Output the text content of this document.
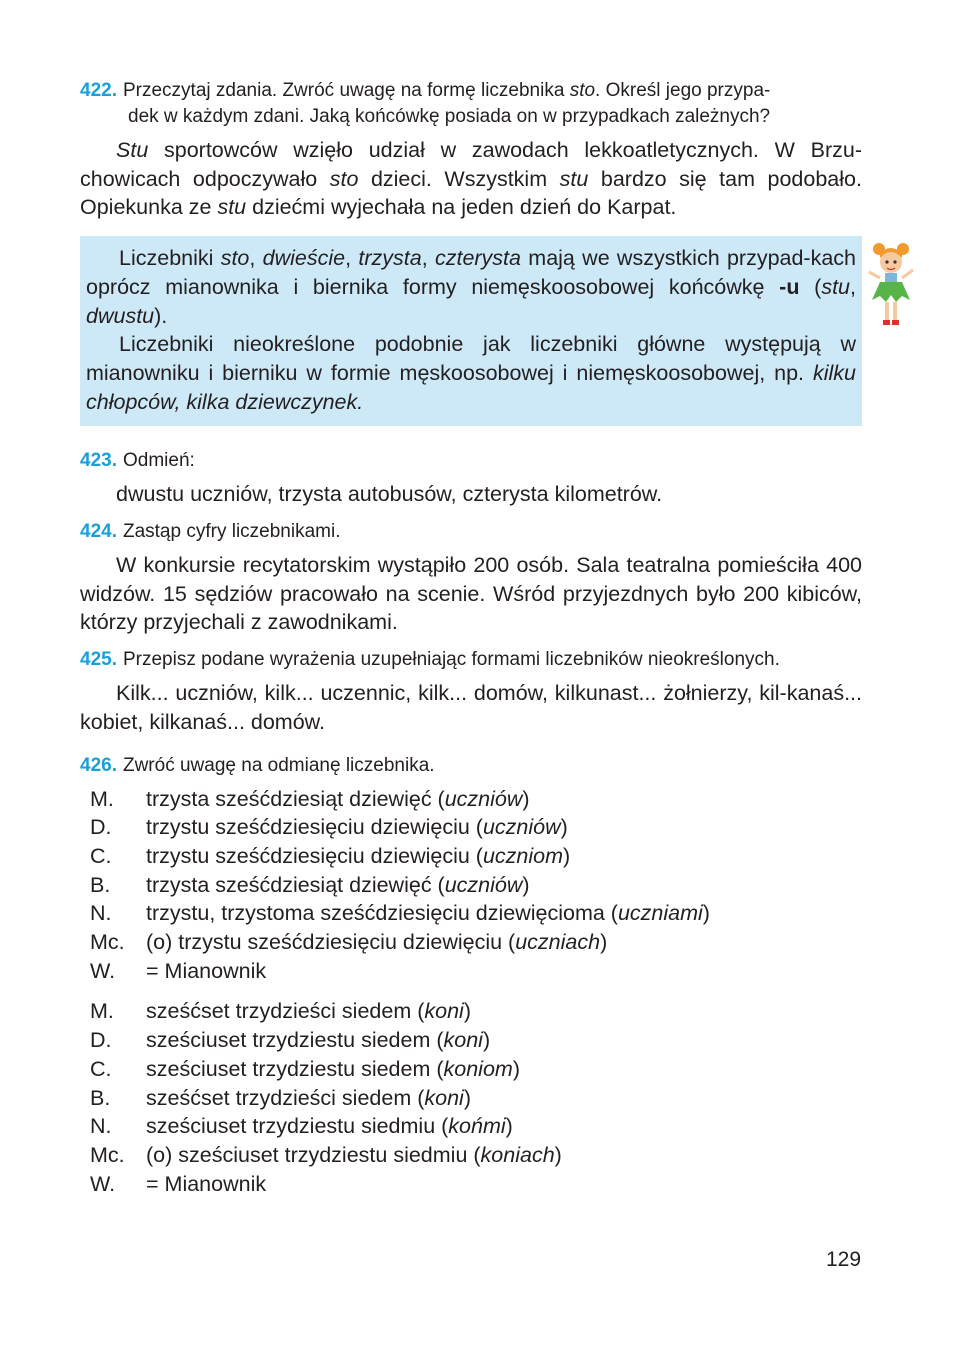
422. Przeczytaj zdania. Zwróć uwagę na formę liczebnika sto. Określ jego przypa-
dek w każdym zdani. Jaką końcówkę posiada on w przypadkach zależnych?

Stu sportowców wzięło udział w zawodach lekkoatletycznych. W Brzu-chowicach odpoczywało sto dzieci. Wszystkim stu bardzo się tam podobało. Opiekunka ze stu dziećmi wyjechała na jeden dzień do Karpat.

Liczebniki sto, dwieście, trzysta, czterysta mają we wszystkich przypad-kach oprócz mianownika i biernika formy niemęskoosobowej końcówkę -u (stu, dwustu).

Liczebniki nieokreślone podobnie jak liczebniki główne występują w mianowniku i bierniku w formie męskoosobowej i niemęskoosobowej, np. kilku chłopców, kilka dziewczynek.

423. Odmień:

dwustu uczniów, trzysta autobusów, czterysta kilometrów.

424. Zastąp cyfry liczebnikami.

W konkursie recytatorskim wystąpiło 200 osób. Sala teatralna pomieściła 400 widzów. 15 sędziów pracowało na scenie. Wśród przyjezdnych było 200 kibiców, którzy przyjechali z zawodnikami.

425. Przepisz podane wyrażenia uzupełniając formami liczebników nieokreślonych.

Kilk... uczniów, kilk... uczennic, kilk... domów, kilkunast... żołnierzy, kil-kanaś... kobiet, kilkanaś... domów.

426. Zwróć uwagę na odmianę liczebnika.
M.	trzysta sześćdziesiąt dziewięć (uczniów)
D.	trzystu sześćdziesięciu dziewięciu (uczniów)
C.	trzystu sześćdziesięciu dziewięciu (uczniom)
B.	trzysta sześćdziesiąt dziewięć (uczniów)
N.	trzystu, trzystoma sześćdziesięciu dziewięcioma (uczniami)
Mc. (o) trzystu sześćdziesięciu dziewięciu (uczniach)
W.	= Mianownik
M.	sześćset trzydzieści siedem (koni)
D.	sześciuset trzydziestu siedem (koni)
C.	sześciuset trzydziestu siedem (koniom)
B.	sześćset trzydzieści siedem (koni)
N.	sześciuset trzydziestu siedmiu (końmi)
Mc. (o) sześciuset trzydziestu siedmiu (koniach)
W.	= Mianownik
129
